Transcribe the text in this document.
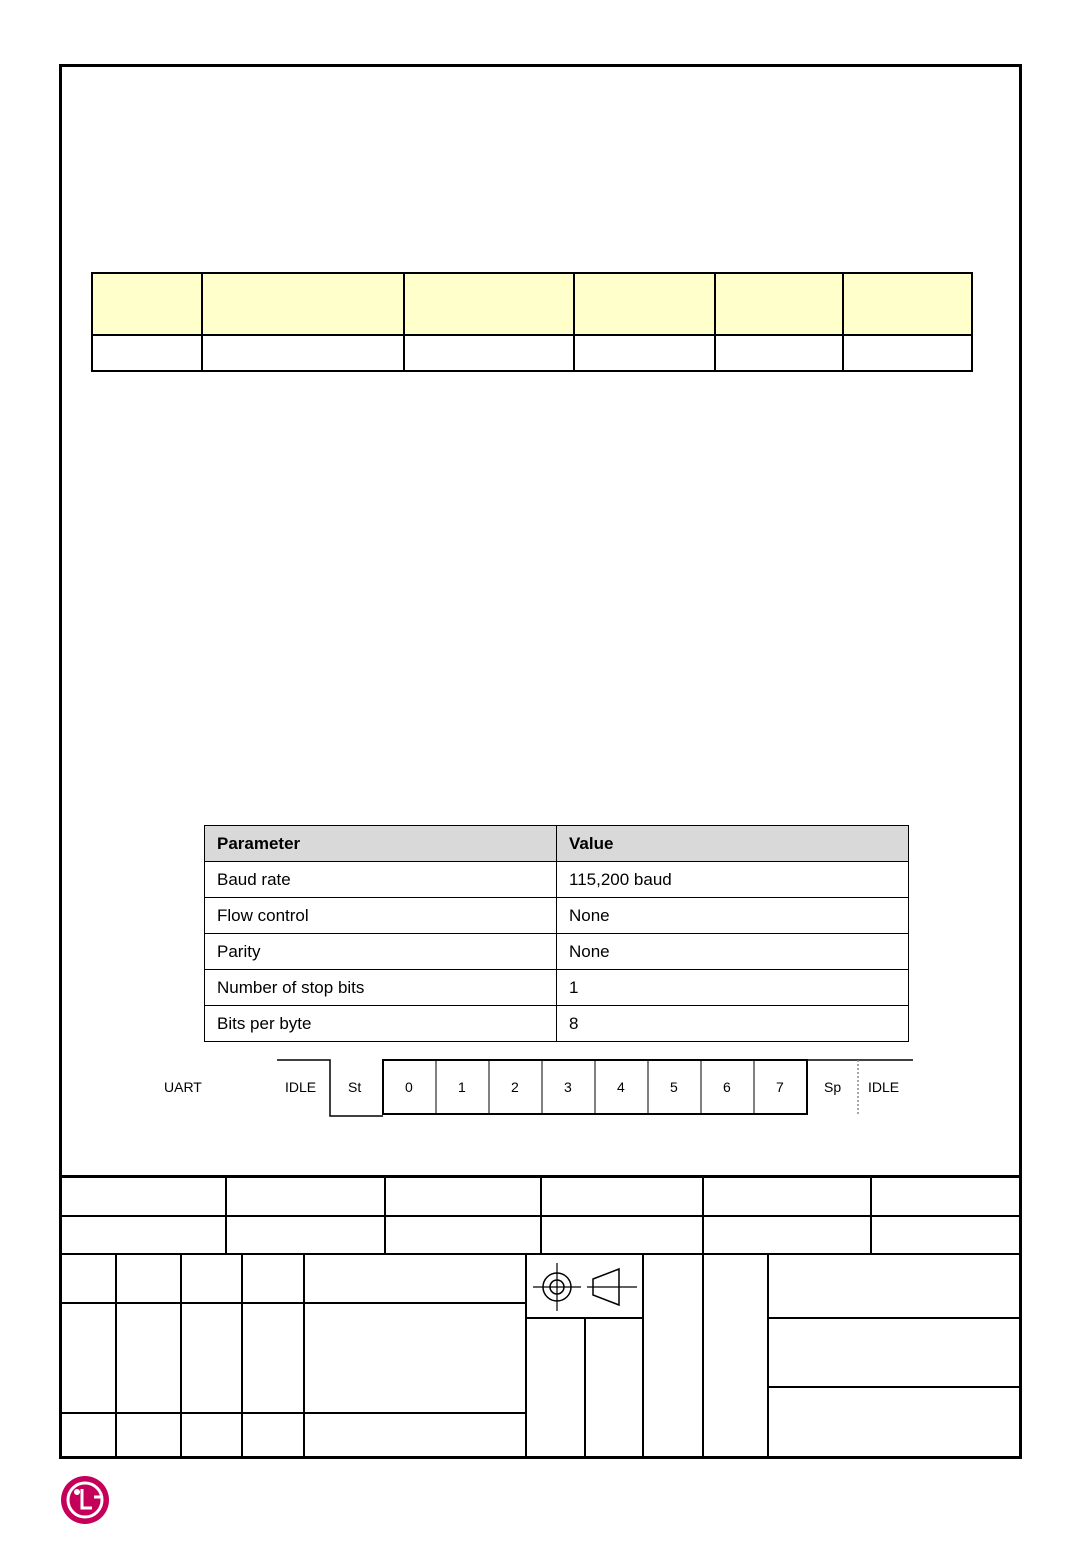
Parameter	Value
Baud rate	115,200 baud
Flow control	None
Parity	None
Number of stop bits	1
Bits per byte	8
UART	IDLE St	0	1	2	3	4	5	6	7	Sp IDLE
